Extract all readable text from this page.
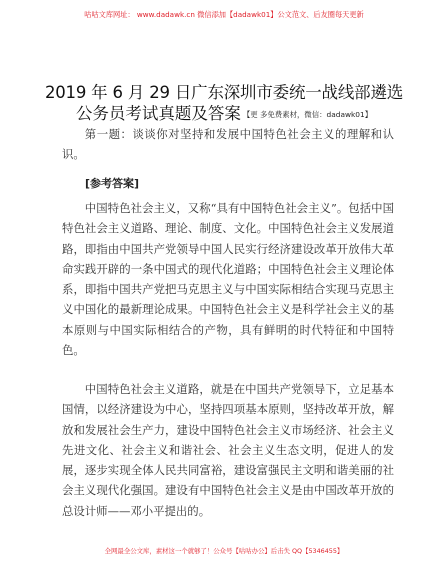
咕咕文库网址： www.dadawk.cn 微信添加【dadawk01】公文范文、后友圈每天更新
2019 年 6 月 29 日广东深圳市委统一战线部遴选
公务员考试真题及答案 【更 多免费素材，微信：dadawk01】

第一题：谈谈你对坚持和发展中国特色社会主义的理解和认识。

[参考答案]

中国特色社会主义，又称“具有中国特色社会主义”。包括中国特色社会主义道路、理论、制度、文化。中国特色社会主义发展道路，即指由中国共产党领导中国人民实行经济建设改革开放伟大革命实践开辟的一条中国式的现代化道路；中国特色社会主义理论体系，即指中国共产党把马克思主义与中国实际相结合实现马克思主义中国化的最新理论成果。中国特色社会主义是科学社会主义的基本原则与中国实际相结合的产物，具有鲜明的时代特征和中国特色。

中国特色社会主义道路，就是在中国共产党领导下，立足基本国情，以经济建设为中心，坚持四项基本原则，坚持改革开放，解放和发展社会生产力，建设中国特色社会主义市场经济、社会主义先进文化、社会主义和谐社会、社会主义生态文明，促进人的发展，逐步实现全体人民共同富裕，建设富强民主文明和谐美丽的社会主义现代化强国。建设有中国特色社会主义是由中国改革开放的总设计师——邓小平提出的。

全网最全公文库，素材这一个就够了！公众号【咕咕办公】后击失 QQ【5346455】
